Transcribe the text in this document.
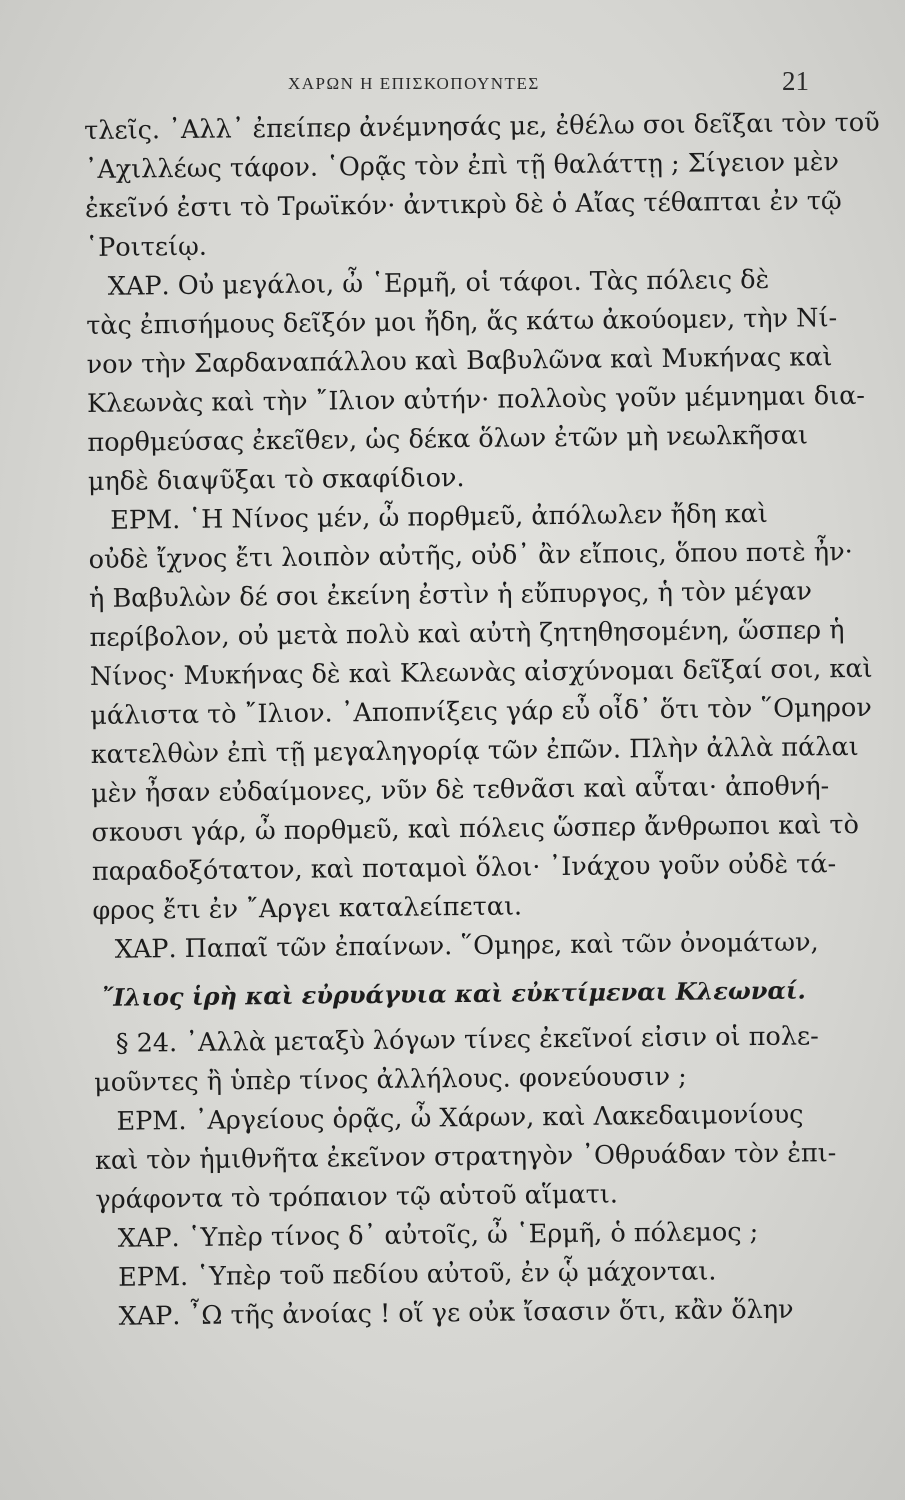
ΧΑΡΩΝ Η ΕΠΙΣΚΟΠΟΥΝΤΕΣ	21
τλεῖς. ᾿Αλλ᾿ ἐπείπερ ἀνέμνησάς με, ἐθέλω σοι δεῖξαι τὸν τοῦ
᾿Αχιλλέως τάφον. ῾Ορᾷς τὸν ἐπὶ τῇ θαλάττῃ ; Σίγειον μὲν
ἐκεῖνό ἐστι τὸ Τρωϊκόν· ἀντικρὺ δὲ ὁ Αἴας τέθαπται ἐν τῷ
῾Ροιτείῳ.
ΧΑΡ. Οὐ μεγάλοι, ὦ ῾Ερμῆ, οἱ τάφοι. Τὰς πόλεις δὲ
τὰς ἐπισήμους δεῖξόν μοι ἤδη, ἅς κάτω ἀκούομεν, τὴν Νί-
νον τὴν Σαρδαναπάλλου καὶ Βαβυλῶνα καὶ Μυκήνας καὶ
Κλεωνὰς καὶ τὴν ῎Ιλιον αὐτήν· πολλοὺς γοῦν μέμνημαι δια-
πορθμεύσας ἐκεῖθεν, ὡς δέκα ὅλων ἐτῶν μὴ νεωλκῆσαι
μηδὲ διαψῦξαι τὸ σκαφίδιον.
ΕΡΜ. ῾Η Νίνος μέν, ὦ πορθμεῦ, ἀπόλωλεν ἤδη καὶ
οὐδὲ ἴχνος ἔτι λοιπὸν αὐτῆς, οὐδ᾿ ἂν εἴποις, ὅπου ποτὲ ἦν·
ἡ Βαβυλὼν δέ σοι ἐκείνη ἐστὶν ἡ εὔπυργος, ἡ τὸν μέγαν
περίβολον, οὐ μετὰ πολὺ καὶ αὐτὴ ζητηθησομένη, ὥσπερ ἡ
Νίνος· Μυκήνας δὲ καὶ Κλεωνὰς αἰσχύνομαι δεῖξαί σοι, καὶ
μάλιστα τὸ ῎Ιλιον. ᾿Αποπνίξεις γάρ εὖ οἶδ᾿ ὅτι τὸν ῞Ομηρον
κατελθὼν ἐπὶ τῇ μεγαληγορίᾳ τῶν ἐπῶν. Πλὴν ἀλλὰ πάλαι
μὲν ἦσαν εὐδαίμονες, νῦν δὲ τεθνᾶσι καὶ αὗται· ἀποθνή-
σκουσι γάρ, ὦ πορθμεῦ, καὶ πόλεις ὥσπερ ἄνθρωποι καὶ τὸ
παραδοξότατον, καὶ ποταμοὶ ὅλοι· ᾿Ινάχου γοῦν οὐδὲ τά-
φρος ἔτι ἐν ῎Αργει καταλείπεται.
ΧΑΡ. Παπαῖ τῶν ἐπαίνων. ῞Ομηρε, καὶ τῶν ὀνομάτων,
῎Ιλιος ἱρὴ καὶ εὐρυάγυια καὶ εὐκτίμεναι Κλεωναί.
§ 24. ᾿Αλλὰ μεταξὺ λόγων τίνες ἐκεῖνοί εἰσιν οἱ πολε-
μοῦντες ἢ ὑπὲρ τίνος ἀλλήλους. φονεύουσιν ;
ΕΡΜ. ᾿Αργείους ὁρᾷς, ὦ Χάρων, καὶ Λακεδαιμονίους
καὶ τὸν ἡμιθνῆτα ἐκεῖνον στρατηγὸν ᾿Οθρυάδαν τὸν ἐπι-
γράφοντα τὸ τρόπαιον τῷ αὑτοῦ αἵματι.
ΧΑΡ. ῾Υπὲρ τίνος δ᾿ αὐτοῖς, ὦ ῾Ερμῆ, ὁ πόλεμος ;
ΕΡΜ. ῾Υπὲρ τοῦ πεδίου αὐτοῦ, ἐν ᾧ μάχονται.
ΧΑΡ. ῏Ω τῆς ἀνοίας ! οἵ γε οὐκ ἴσασιν ὅτι, κἂν ὅλην
